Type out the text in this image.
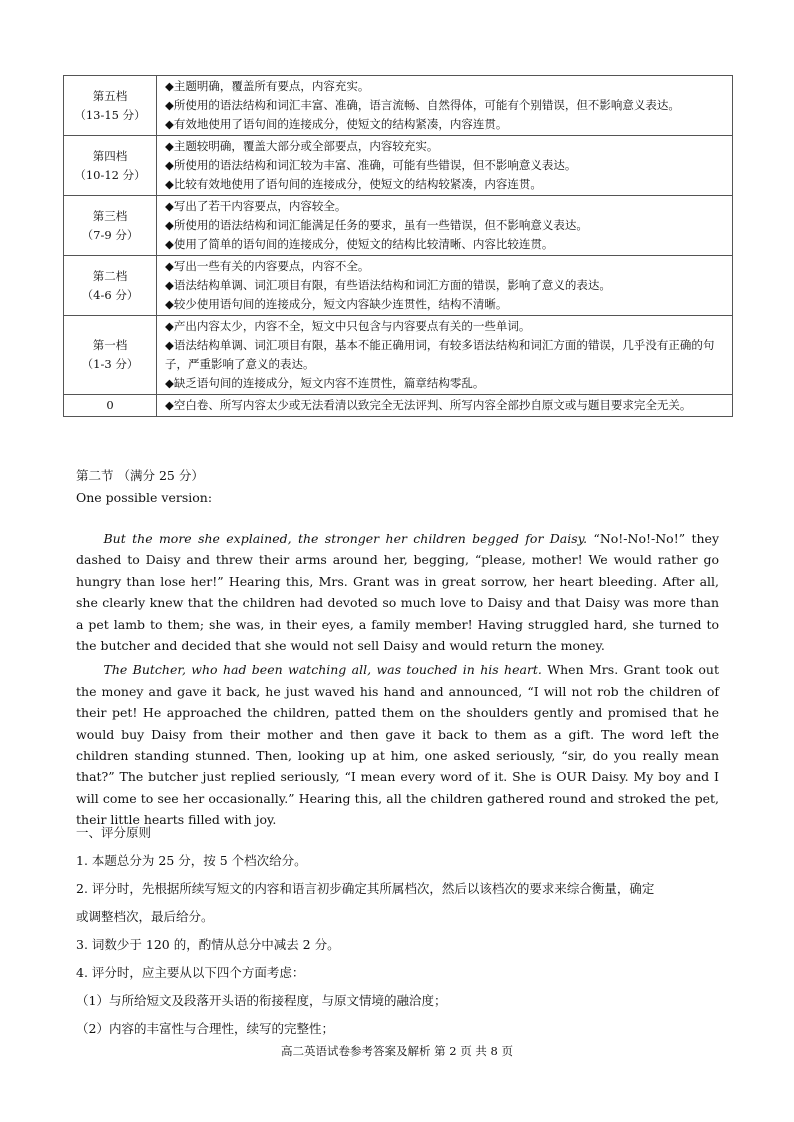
第五档
（13-15 分）	◆主题明确，覆盖所有要点，内容充实。
◆所使用的语法结构和词汇丰富、准确，语言流畅、自然得体，可能有个别错误，但不影响意义表达。
◆有效地使用了语句间的连接成分，使短文的结构紧凑，内容连贯。

第四档
（10-12 分）	◆主题较明确，覆盖大部分或全部要点，内容较充实。
◆所使用的语法结构和词汇较为丰富、准确，可能有些错误，但不影响意义表达。
◆比较有效地使用了语句间的连接成分，使短文的结构较紧凑，内容连贯。

第三档
（7-9 分）	◆写出了若干内容要点，内容较全。
◆所使用的语法结构和词汇能满足任务的要求，虽有一些错误，但不影响意义表达。
◆使用了简单的语句间的连接成分，使短文的结构比较清晰、内容比较连贯。

第二档
（4-6 分）	◆写出一些有关的内容要点，内容不全。
◆语法结构单调、词汇项目有限，有些语法结构和词汇方面的错误，影响了意义的表达。
◆较少使用语句间的连接成分，短文内容缺少连贯性，结构不清晰。

第一档
（1-3 分）	◆产出内容太少，内容不全，短文中只包含与内容要点有关的一些单词。
◆语法结构单调、词汇项目有限，基本不能正确用词，有较多语法结构和词汇方面的错误，几乎没有正确的句子，严重影响了意义的表达。
◆缺乏语句间的连接成分，短文内容不连贯性，篇章结构零乱。

0	◆空白卷、所写内容太少或无法看清以致完全无法评判、所写内容全部抄自原文或与题目要求完全无关。
第二节 （满分 25 分）
One possible version:

But the more she explained, the stronger her children begged for Daisy. “No!-No!-No!” they dashed to Daisy and threw their arms around her, begging, “please, mother! We would rather go hungry than lose her!” Hearing this, Mrs. Grant was in great sorrow, her heart bleeding. After all, she clearly knew that the children had devoted so much love to Daisy and that Daisy was more than a pet lamb to them; she was, in their eyes, a family member! Having struggled hard, she turned to the butcher and decided that she would not sell Daisy and would return the money.

The Butcher, who had been watching all, was touched in his heart. When Mrs. Grant took out the money and gave it back, he just waved his hand and announced, “I will not rob the children of their pet! He approached the children, patted them on the shoulders gently and promised that he would buy Daisy from their mother and then gave it back to them as a gift. The word left the children standing stunned. Then, looking up at him, one asked seriously, “sir, do you really mean that?” The butcher just replied seriously, “I mean every word of it. She is OUR Daisy. My boy and I will come to see her occasionally.” Hearing this, all the children gathered round and stroked the pet, their little hearts filled with joy.

一、评分原则
1. 本题总分为 25 分，按 5 个档次给分。
2. 评分时，先根据所续写短文的内容和语言初步确定其所属档次，然后以该档次的要求来综合衡量，确定
或调整档次，最后给分。
3. 词数少于 120 的，酌情从总分中减去 2 分。
4. 评分时，应主要从以下四个方面考虑：
（1）与所给短文及段落开头语的衔接程度，与原文情境的融洽度；
（2）内容的丰富性与合理性，续写的完整性；
高二英语试卷参考答案及解析 第 2 页 共 8 页
